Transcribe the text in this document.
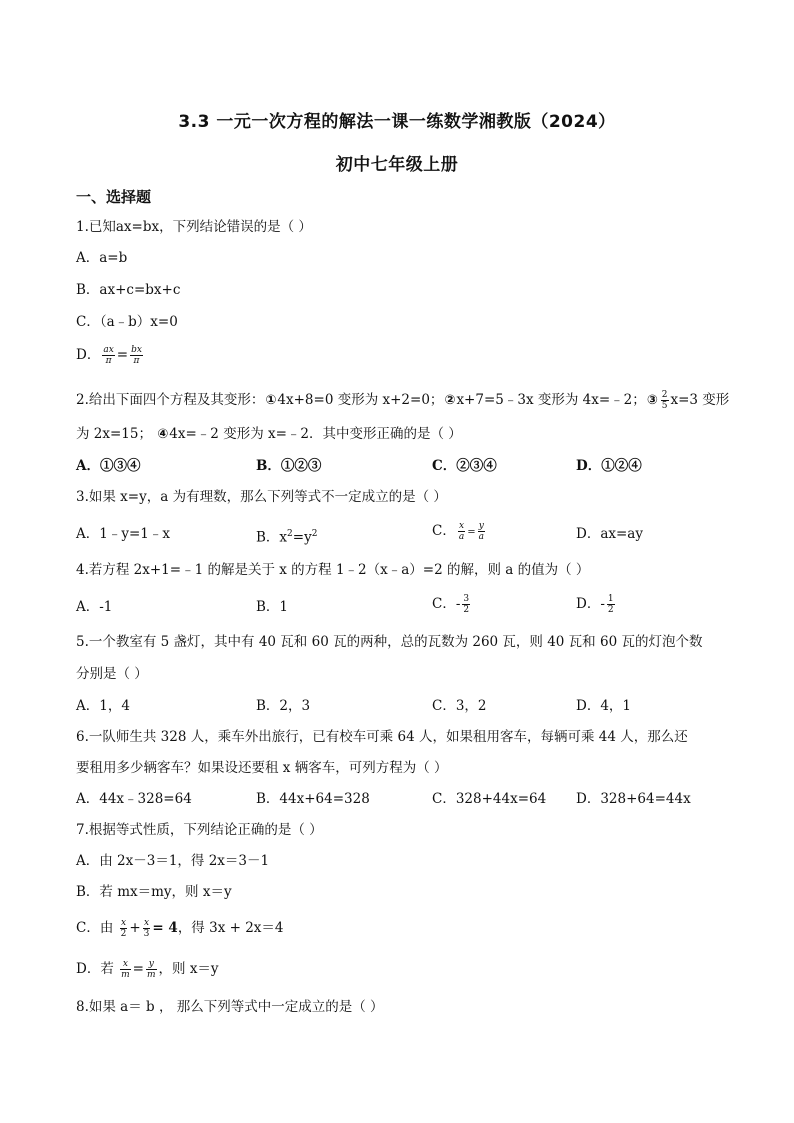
3.3 一元一次方程的解法一课一练数学湘教版（2024）
初中七年级上册
一、选择题
1.已知ax=bx，下列结论错误的是（ ）
A．a=b
B．ax+c=bx+c
C．（a﹣b）x=0
D． $\frac{ax}{\pi} = \frac{bx}{\pi}$
2.给出下面四个方程及其变形：①4x+8=0 变形为 x+2=0；②x+7=5﹣3x 变形为 4x=﹣2；③ $\frac{2}{5} x=3$ 变形
为 2x=15； ④4x=﹣2 变形为 x=﹣2．其中变形正确的是（ ）
A．①③④	B．①②③	C．②③④	D．①②④
3.如果 x=y，a 为有理数，那么下列等式不一定成立的是（ ）
A．1﹣y=1﹣x	B．$x^2=y^2$	C． $\frac{x}{a} = \frac{y}{a}$	D．ax=ay
4.若方程 2x+1=﹣1 的解是关于 x 的方程 1﹣2（x﹣a）=2 的解，则 a 的值为（ ）
A．-1	B．1	C．- $\frac{3}{2}$	D．- $\frac{1}{2}$
5.一个教室有 5 盏灯，其中有 40 瓦和 60 瓦的两种，总的瓦数为 260 瓦，则 40 瓦和 60 瓦的灯泡个数
分别是（ ）
A．1，4	B．2，3	C．3，2	D．4，1
6.一队师生共 328 人，乘车外出旅行，已有校车可乘 64 人，如果租用客车，每辆可乘 44 人，那么还
要租用多少辆客车？如果设还要租 x 辆客车，可列方程为（ ）
A．44x﹣328=64	B．44x+64=328	C．328+44x=64 D．328+64=44x
7.根据等式性质，下列结论正确的是（ ）
A．由 2x－3＝1，得 2x＝3－1
B．若 mx＝my，则 x＝y
C．由 $\frac{x}{2} + \frac{x}{3} = 4$，得 3x + 2x＝4
D．若 $\frac{x}{m} = \frac{y}{m}$ ，则 x＝y
8.如果 a＝ b ， 那么下列等式中一定成立的是（ ）
